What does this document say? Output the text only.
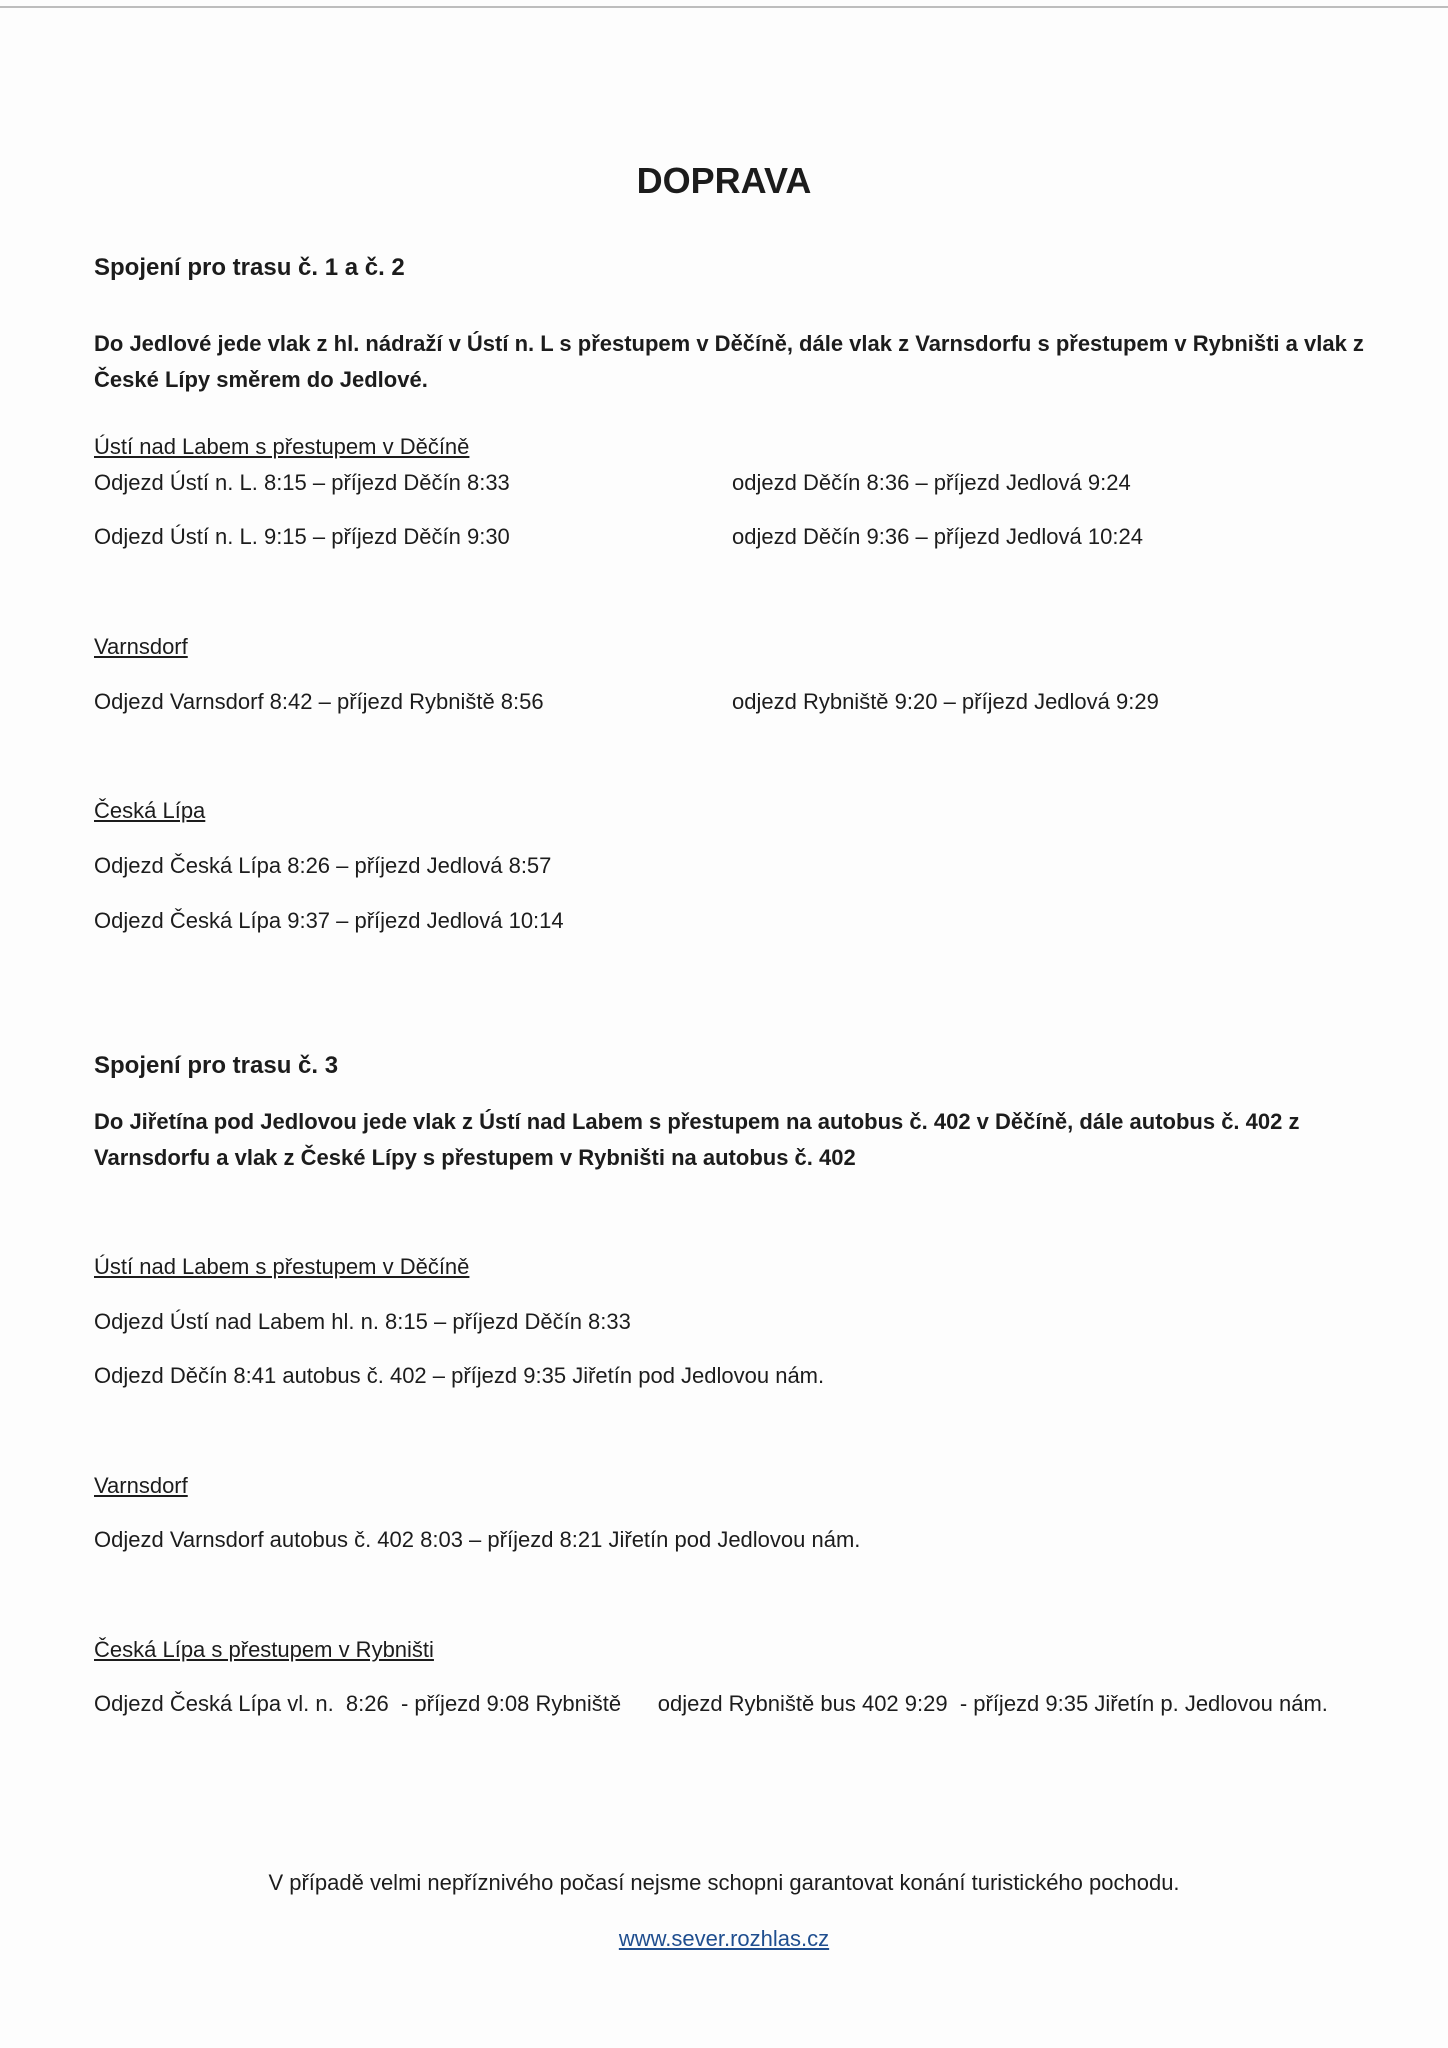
DOPRAVA
Spojení pro trasu č. 1 a č. 2
Do Jedlové jede vlak z hl. nádraží v Ústí n. L s přestupem v Děčíně, dále vlak z Varnsdorfu s přestupem v Rybništi a vlak z České Lípy směrem do Jedlové.
Ústí nad Labem s přestupem v Děčíně
Odjezd Ústí n. L. 8:15 – příjezd Děčín 8:33	odjezd Děčín 8:36 – příjezd Jedlová 9:24
Odjezd Ústí n. L. 9:15 – příjezd Děčín 9:30	odjezd Děčín 9:36 – příjezd Jedlová 10:24
Varnsdorf
Odjezd Varnsdorf 8:42 – příjezd Rybniště 8:56	odjezd Rybniště 9:20 – příjezd Jedlová 9:29
Česká Lípa
Odjezd Česká Lípa 8:26 – příjezd Jedlová 8:57
Odjezd Česká Lípa 9:37 – příjezd Jedlová 10:14
Spojení pro trasu č. 3
Do Jiřetína pod Jedlovou jede vlak z Ústí nad Labem s přestupem na autobus č. 402 v Děčíně, dále autobus č. 402 z Varnsdorfu a vlak z České Lípy s přestupem v Rybništi na autobus č. 402
Ústí nad Labem s přestupem v Děčíně
Odjezd Ústí nad Labem hl. n. 8:15 – příjezd Děčín 8:33
Odjezd Děčín 8:41 autobus č. 402 – příjezd 9:35 Jiřetín pod Jedlovou nám.
Varnsdorf
Odjezd Varnsdorf autobus č. 402 8:03 – příjezd 8:21 Jiřetín pod Jedlovou nám.
Česká Lípa s přestupem v Rybništi
Odjezd Česká Lípa vl. n.  8:26  - příjezd 9:08 Rybniště      odjezd Rybniště bus 402 9:29  - příjezd 9:35 Jiřetín p. Jedlovou nám.
V případě velmi nepříznivého počasí nejsme schopni garantovat konání turistického pochodu.
www.sever.rozhlas.cz
